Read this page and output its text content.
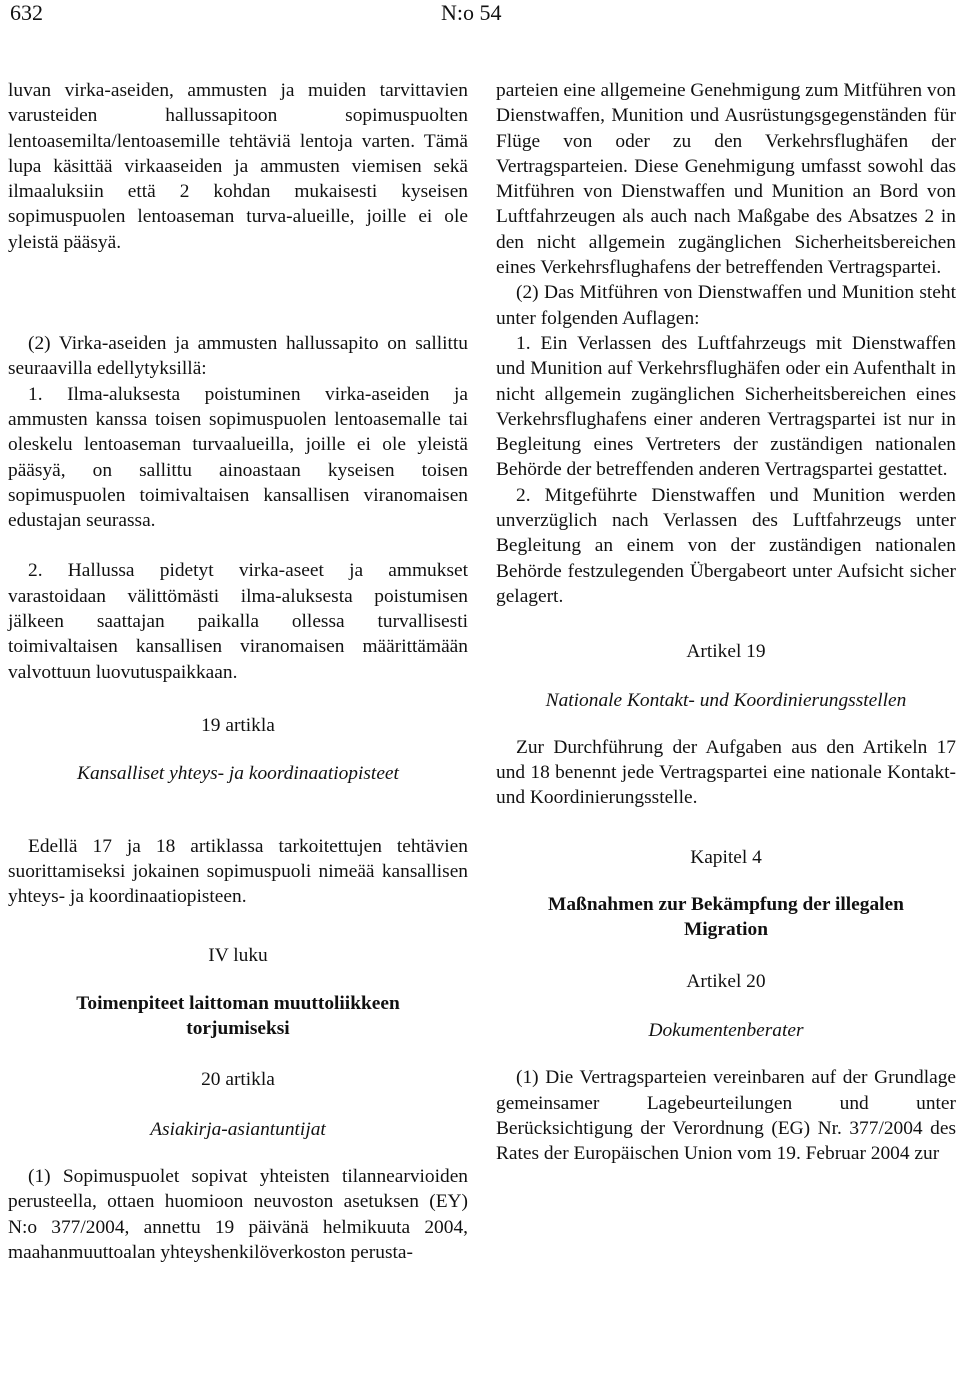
632	N:o 54

luvan virka-aseiden, ammusten ja muiden tarvittavien varusteiden hallussapitoon sopimuspuolten lentoasemilta/lentoasemille tehtäviä lentoja varten. Tämä lupa käsittää virkaaseiden ja ammusten viemisen sekä ilmaaluksiin että 2 kohdan mukaisesti kyseisen sopimuspuolen lentoaseman turva-alueille, joille ei ole yleistä pääsyä.

(2) Virka-aseiden ja ammusten hallussapito on sallittu seuraavilla edellytyksillä:

1. Ilma-aluksesta poistuminen virka-aseiden ja ammusten kanssa toisen sopimuspuolen lentoasemalle tai oleskelu lentoaseman turvaalueilla, joille ei ole yleistä pääsyä, on sallittu ainoastaan kyseisen toisen sopimuspuolen toimivaltaisen kansallisen viranomaisen edustajan seurassa.

2. Hallussa pidetyt virka-aseet ja ammukset varastoidaan välittömästi ilma-aluksesta poistumisen jälkeen saattajan paikalla ollessa turvallisesti toimivaltaisen kansallisen viranomaisen määrittämään valvottuun luovutuspaikkaan.

19 artikla

Kansalliset yhteys- ja koordinaatiopisteet

Edellä 17 ja 18 artiklassa tarkoitettujen tehtävien suorittamiseksi jokainen sopimuspuoli nimeää kansallisen yhteys- ja koordinaatiopisteen.

IV luku

Toimenpiteet laittoman muuttoliikkeen torjumiseksi

20 artikla

Asiakirja-asiantuntijat

(1) Sopimuspuolet sopivat yhteisten tilannearvioiden perusteella, ottaen huomioon neuvoston asetuksen (EY) N:o 377/2004, annettu 19 päivänä helmikuuta 2004, maahanmuuttoalan yhteyshenkilöverkoston perusta-

parteien eine allgemeine Genehmigung zum Mitführen von Dienstwaffen, Munition und Ausrüstungsgegenständen für Flüge von oder zu den Verkehrsflughäfen der Vertragsparteien. Diese Genehmigung umfasst sowohl das Mitführen von Dienstwaffen und Munition an Bord von Luftfahrzeugen als auch nach Maßgabe des Absatzes 2 in den nicht allgemein zugänglichen Sicherheitsbereichen eines Verkehrsflughafens der betreffenden Vertragspartei.

(2) Das Mitführen von Dienstwaffen und Munition steht unter folgenden Auflagen:

1. Ein Verlassen des Luftfahrzeugs mit Dienstwaffen und Munition auf Verkehrsflughäfen oder ein Aufenthalt in nicht allgemein zugänglichen Sicherheitsbereichen eines Verkehrsflughafens einer anderen Vertragspartei ist nur in Begleitung eines Vertreters der zuständigen nationalen Behörde der betreffenden anderen Vertragspartei gestattet.

2. Mitgeführte Dienstwaffen und Munition werden unverzüglich nach Verlassen des Luftfahrzeugs unter Begleitung an einem von der zuständigen nationalen Behörde festzulegenden Übergabeort unter Aufsicht sicher gelagert.

Artikel 19

Nationale Kontakt- und Koordinierungsstellen

Zur Durchführung der Aufgaben aus den Artikeln 17 und 18 benennt jede Vertragspartei eine nationale Kontakt- und Koordinierungsstelle.

Kapitel 4

Maßnahmen zur Bekämpfung der illegalen Migration

Artikel 20

Dokumentenberater

(1) Die Vertragsparteien vereinbaren auf der Grundlage gemeinsamer Lagebeurteilungen und unter Berücksichtigung der Verordnung (EG) Nr. 377/2004 des Rates der Europäischen Union vom 19. Februar 2004 zur
